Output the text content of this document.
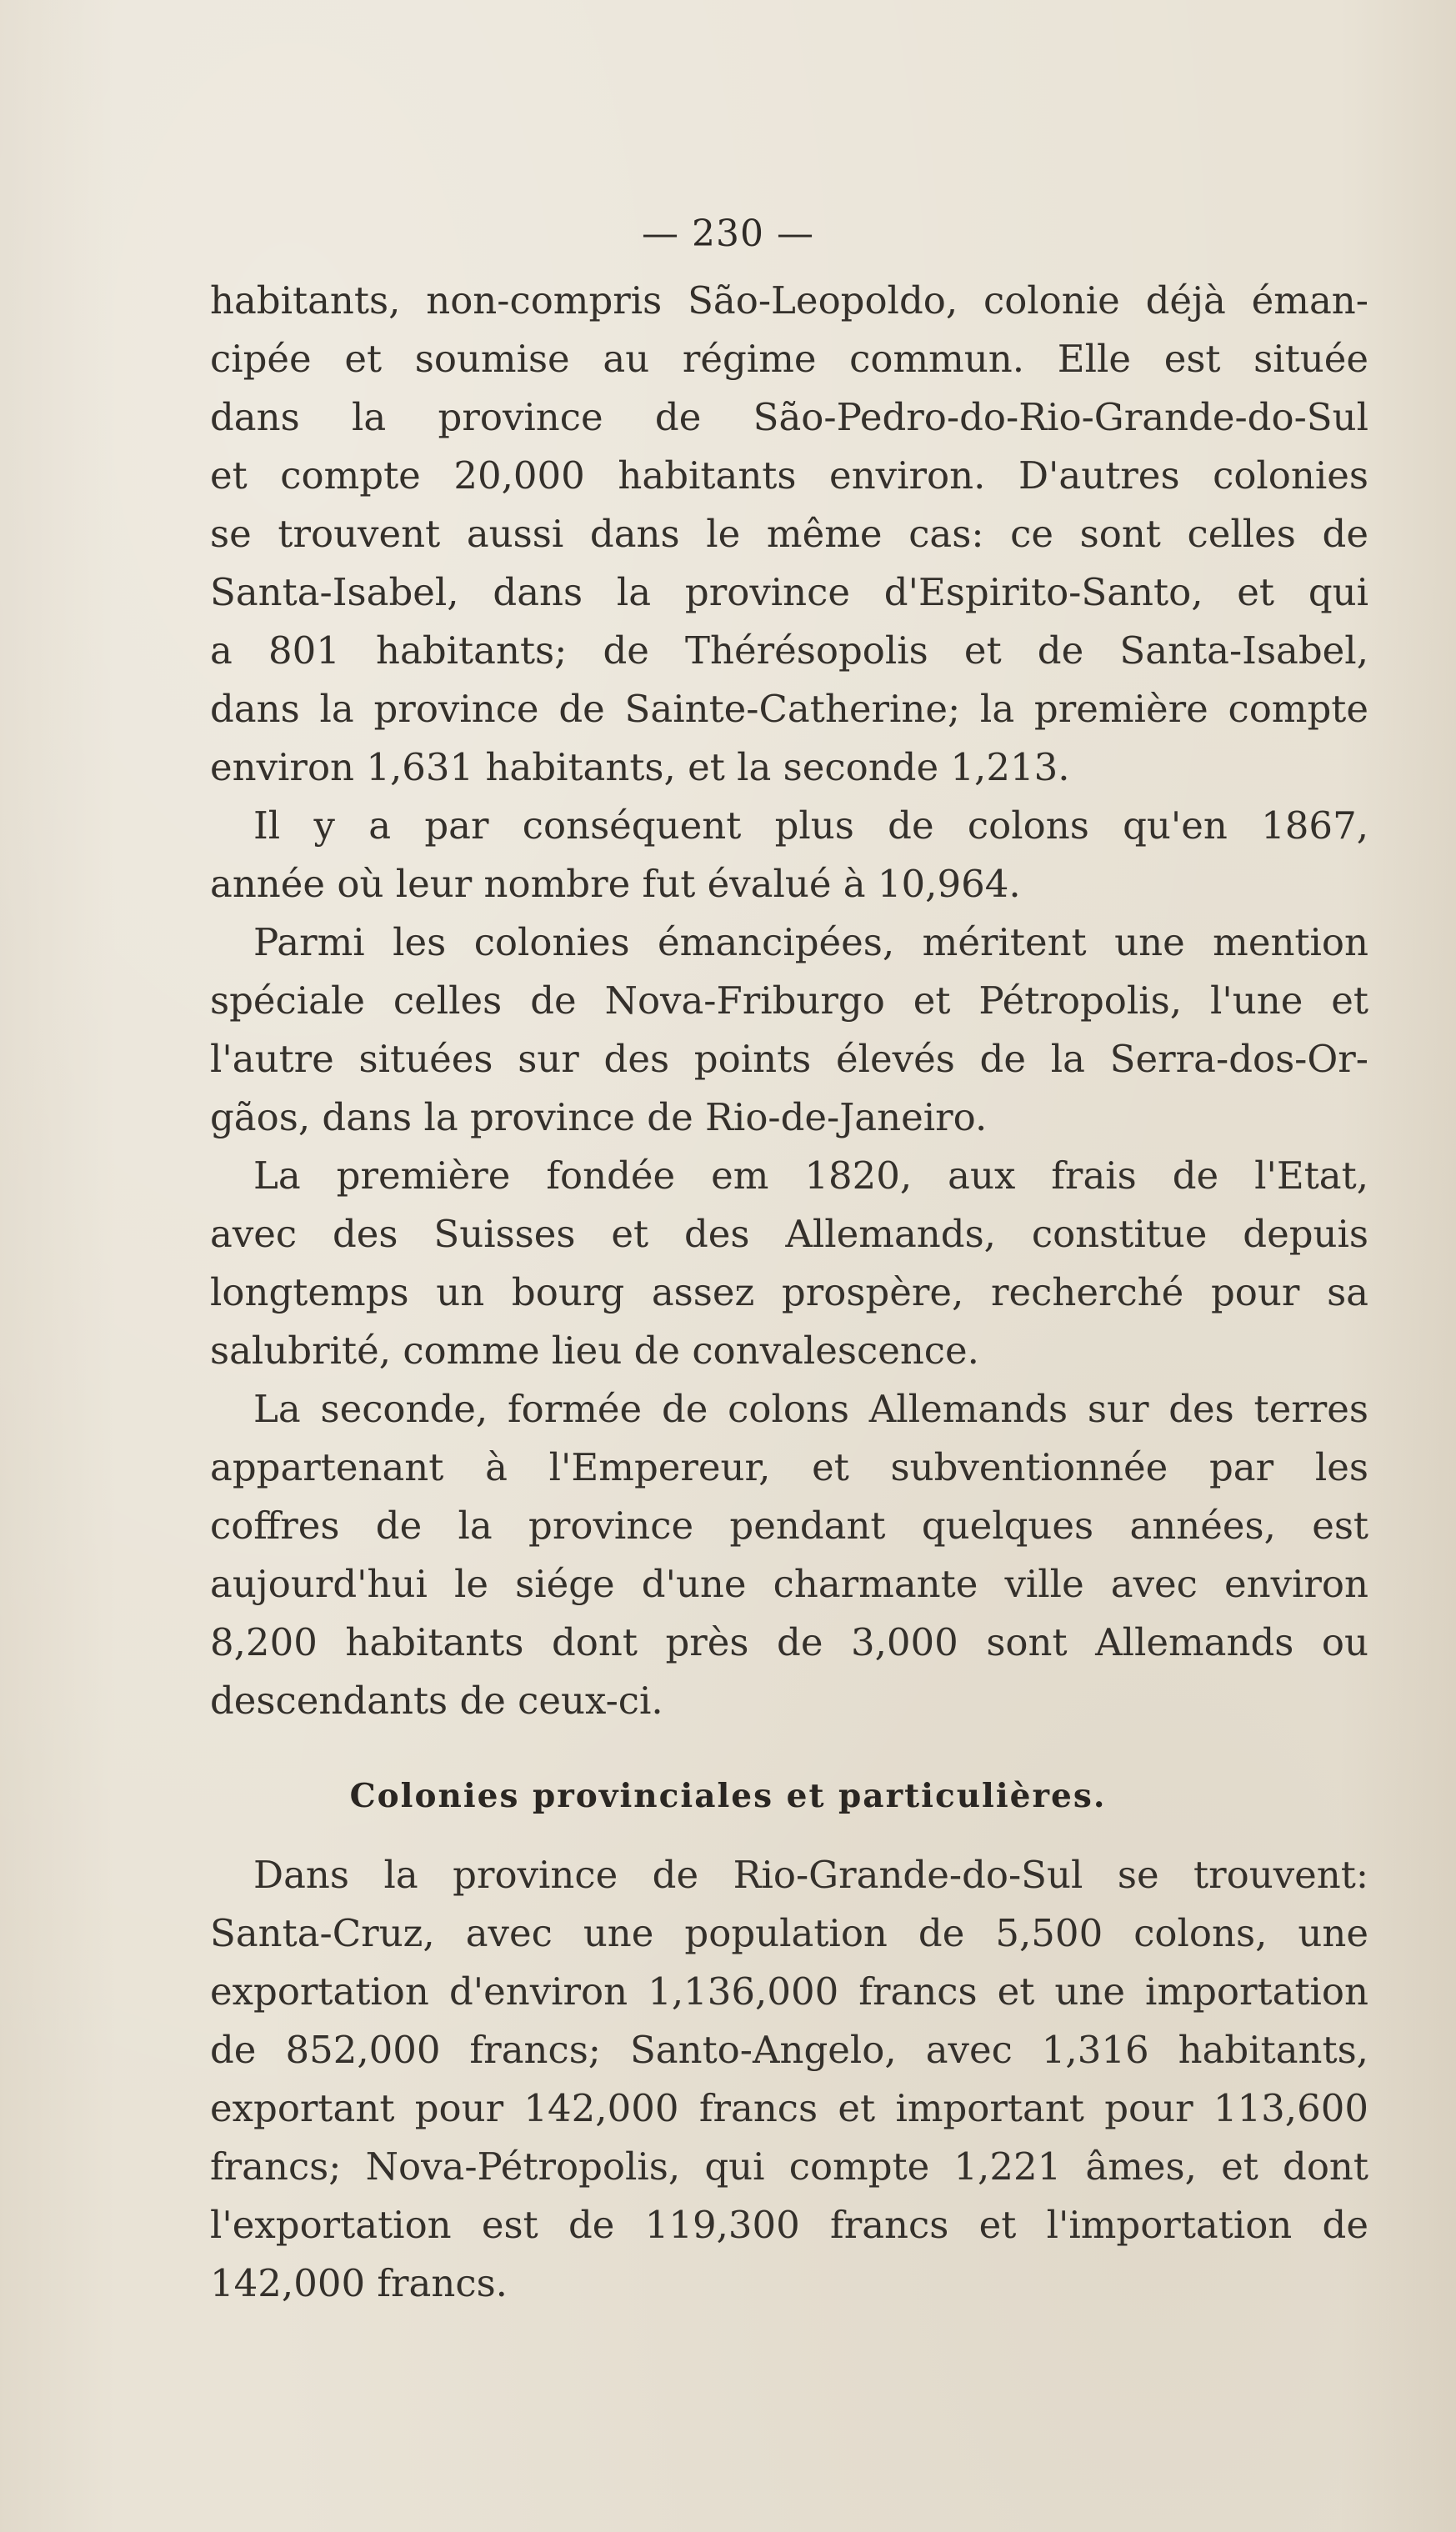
— 230 —
habitants, non-compris São-Leopoldo, colonie déjà éman-
cipée et soumise au régime commun. Elle est située
dans la province de São-Pedro-do-Rio-Grande-do-Sul
et compte 20,000 habitants environ. D'autres colonies
se trouvent aussi dans le même cas: ce sont celles de
Santa-Isabel, dans la province d'Espirito-Santo, et qui
a 801 habitants; de Thérésopolis et de Santa-Isabel,
dans la province de Sainte-Catherine; la première compte
environ 1,631 habitants, et la seconde 1,213.
Il y a par conséquent plus de colons qu'en 1867,
année où leur nombre fut évalué à 10,964.
Parmi les colonies émancipées, méritent une mention
spéciale celles de Nova-Friburgo et Pétropolis, l'une et
l'autre situées sur des points élevés de la Serra-dos-Or-
gãos, dans la province de Rio-de-Janeiro.
La première fondée em 1820, aux frais de l'Etat,
avec des Suisses et des Allemands, constitue depuis
longtemps un bourg assez prospère, recherché pour sa
salubrité, comme lieu de convalescence.
La seconde, formée de colons Allemands sur des terres
appartenant à l'Empereur, et subventionnée par les
coffres de la province pendant quelques années, est
aujourd'hui le siége d'une charmante ville avec environ
8,200 habitants dont près de 3,000 sont Allemands ou
descendants de ceux-ci.
Colonies provinciales et particulières.
Dans la province de Rio-Grande-do-Sul se trouvent:
Santa-Cruz, avec une population de 5,500 colons, une
exportation d'environ 1,136,000 francs et une importation
de 852,000 francs; Santo-Angelo, avec 1,316 habitants,
exportant pour 142,000 francs et important pour 113,600
francs; Nova-Pétropolis, qui compte 1,221 âmes, et dont
l'exportation est de 119,300 francs et l'importation de
142,000 francs.
